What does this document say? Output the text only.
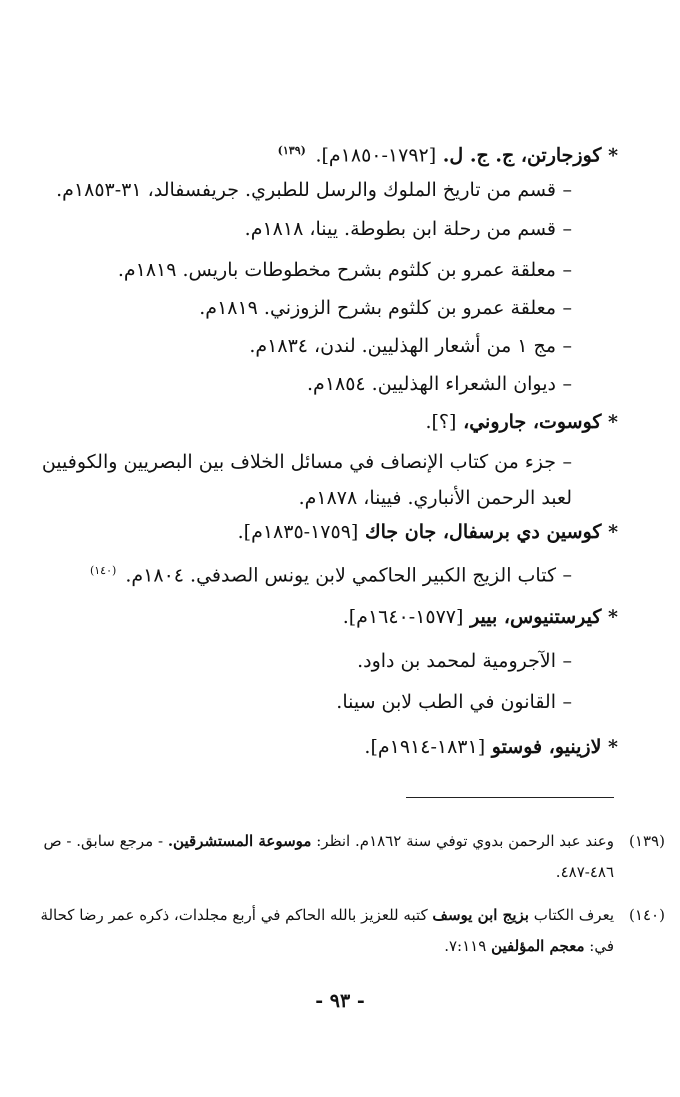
* كوزجارتن، ج. ج. ل. [١٧٩٢-١٨٥٠م]. $^{(١٣٩)}$
–قسم من تاريخ الملوك والرسل للطبري. جريفسفالد، ٣١-١٨٥٣م.
–قسم من رحلة ابن بطوطة. يينا، ١٨١٨م.
–معلقة عمرو بن كلثوم بشرح مخطوطات باريس. ١٨١٩م.
–معلقة عمرو بن كلثوم بشرح الزوزني. ١٨١٩م.
–مج ١ من أشعار الهذليين. لندن، ١٨٣٤م.
–ديوان الشعراء الهذليين. ١٨٥٤م.
* كوسوت، جاروني، [؟].
–جزء من كتاب الإنصاف في مسائل الخلاف بين البصريين والكوفيين لعبد الرحمن الأنباري. فيينا، ١٨٧٨م.
* كوسين دي برسفال، جان جاك [١٧٥٩-١٨٣٥م].
–كتاب الزيج الكبير الحاكمي لابن يونس الصدفي. ١٨٠٤م. $^{(١٤٠)}$
* كيرستنيوس، بيير [١٥٧٧-١٦٤٠م].
–الآجرومية لمحمد بن داود.
–القانون في الطب لابن سينا.
* لازينيو، فوستو [١٨٣١-١٩١٤م].
(١٣٩)
وعند عبد الرحمن بدوي توفي سنة ١٨٦٢م. انظر: موسوعة المستشرقين. - مرجع سابق. - ص ٤٨٦-٤٨٧.
(١٤٠)
يعرف الكتاب بزيج ابن يوسف كتبه للعزيز بالله الحاكم في أربع مجلدات، ذكره عمر رضا كحالة في: معجم المؤلفين ٧:١١٩.
- ٩٣ -
